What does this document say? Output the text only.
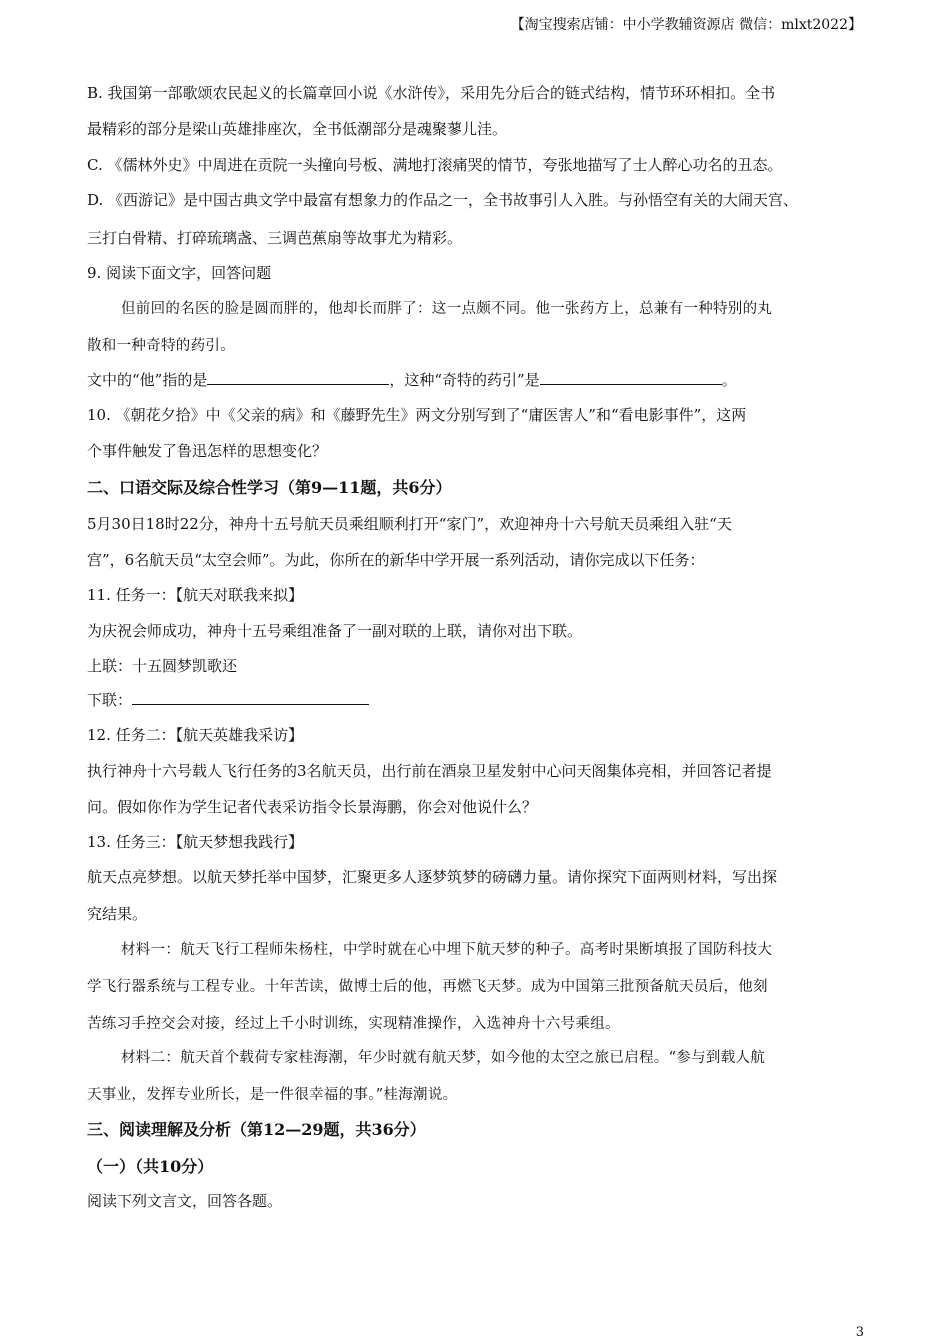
【淘宝搜索店铺：中小学教辅资源店 微信：mlxt2022】
B. 我国第一部歌颂农民起义的长篇章回小说《水浒传》，采用先分后合的链式结构，情节环环相扣。全书
最精彩的部分是梁山英雄排座次，全书低潮部分是魂聚蓼儿洼。
C. 《儒林外史》中周进在贡院一头撞向号板、满地打滚痛哭的情节，夸张地描写了士人醉心功名的丑态。
D. 《西游记》是中国古典文学中最富有想象力的作品之一，全书故事引人入胜。与孙悟空有关的大闹天宫、
三打白骨精、打碎琉璃盏、三调芭蕉扇等故事尤为精彩。
9. 阅读下面文字，回答问题
但前回的名医的脸是圆而胖的，他却长而胖了：这一点颇不同。他一张药方上，总兼有一种特别的丸
散和一种奇特的药引。
文中的“他”指的是	，这种“奇特的药引”是	。
10. 《朝花夕拾》中《父亲的病》和《藤野先生》两文分别写到了“庸医害人”和“看电影事件”，这两
个事件触发了鲁迅怎样的思想变化？
二、口语交际及综合性学习（第9—11题，共6分）
5月30日18时22分，神舟十五号航天员乘组顺利打开“家门”，欢迎神舟十六号航天员乘组入驻“天
宫”，6名航天员“太空会师”。为此，你所在的新华中学开展一系列活动，请你完成以下任务：
11. 任务一：【航天对联我来拟】
为庆祝会师成功，神舟十五号乘组准备了一副对联的上联，请你对出下联。
上联：十五圆梦凯歌还
下联：
12. 任务二：【航天英雄我采访】
执行神舟十六号载人飞行任务的3名航天员，出行前在酒泉卫星发射中心问天阁集体亮相，并回答记者提
问。假如你作为学生记者代表采访指令长景海鹏，你会对他说什么？
13. 任务三：【航天梦想我践行】
航天点亮梦想。以航天梦托举中国梦，汇聚更多人逐梦筑梦的磅礴力量。请你探究下面两则材料，写出探
究结果。
材料一：航天飞行工程师朱杨柱，中学时就在心中埋下航天梦的种子。高考时果断填报了国防科技大
学飞行器系统与工程专业。十年苦读，做博士后的他，再燃飞天梦。成为中国第三批预备航天员后，他刻
苦练习手控交会对接，经过上千小时训练，实现精准操作，入选神舟十六号乘组。
材料二：航天首个载荷专家桂海潮，年少时就有航天梦，如今他的太空之旅已启程。“参与到载人航
天事业，发挥专业所长，是一件很幸福的事。”桂海潮说。
三、阅读理解及分析（第12—29题，共36分）
（一）（共10分）
阅读下列文言文，回答各题。
3
